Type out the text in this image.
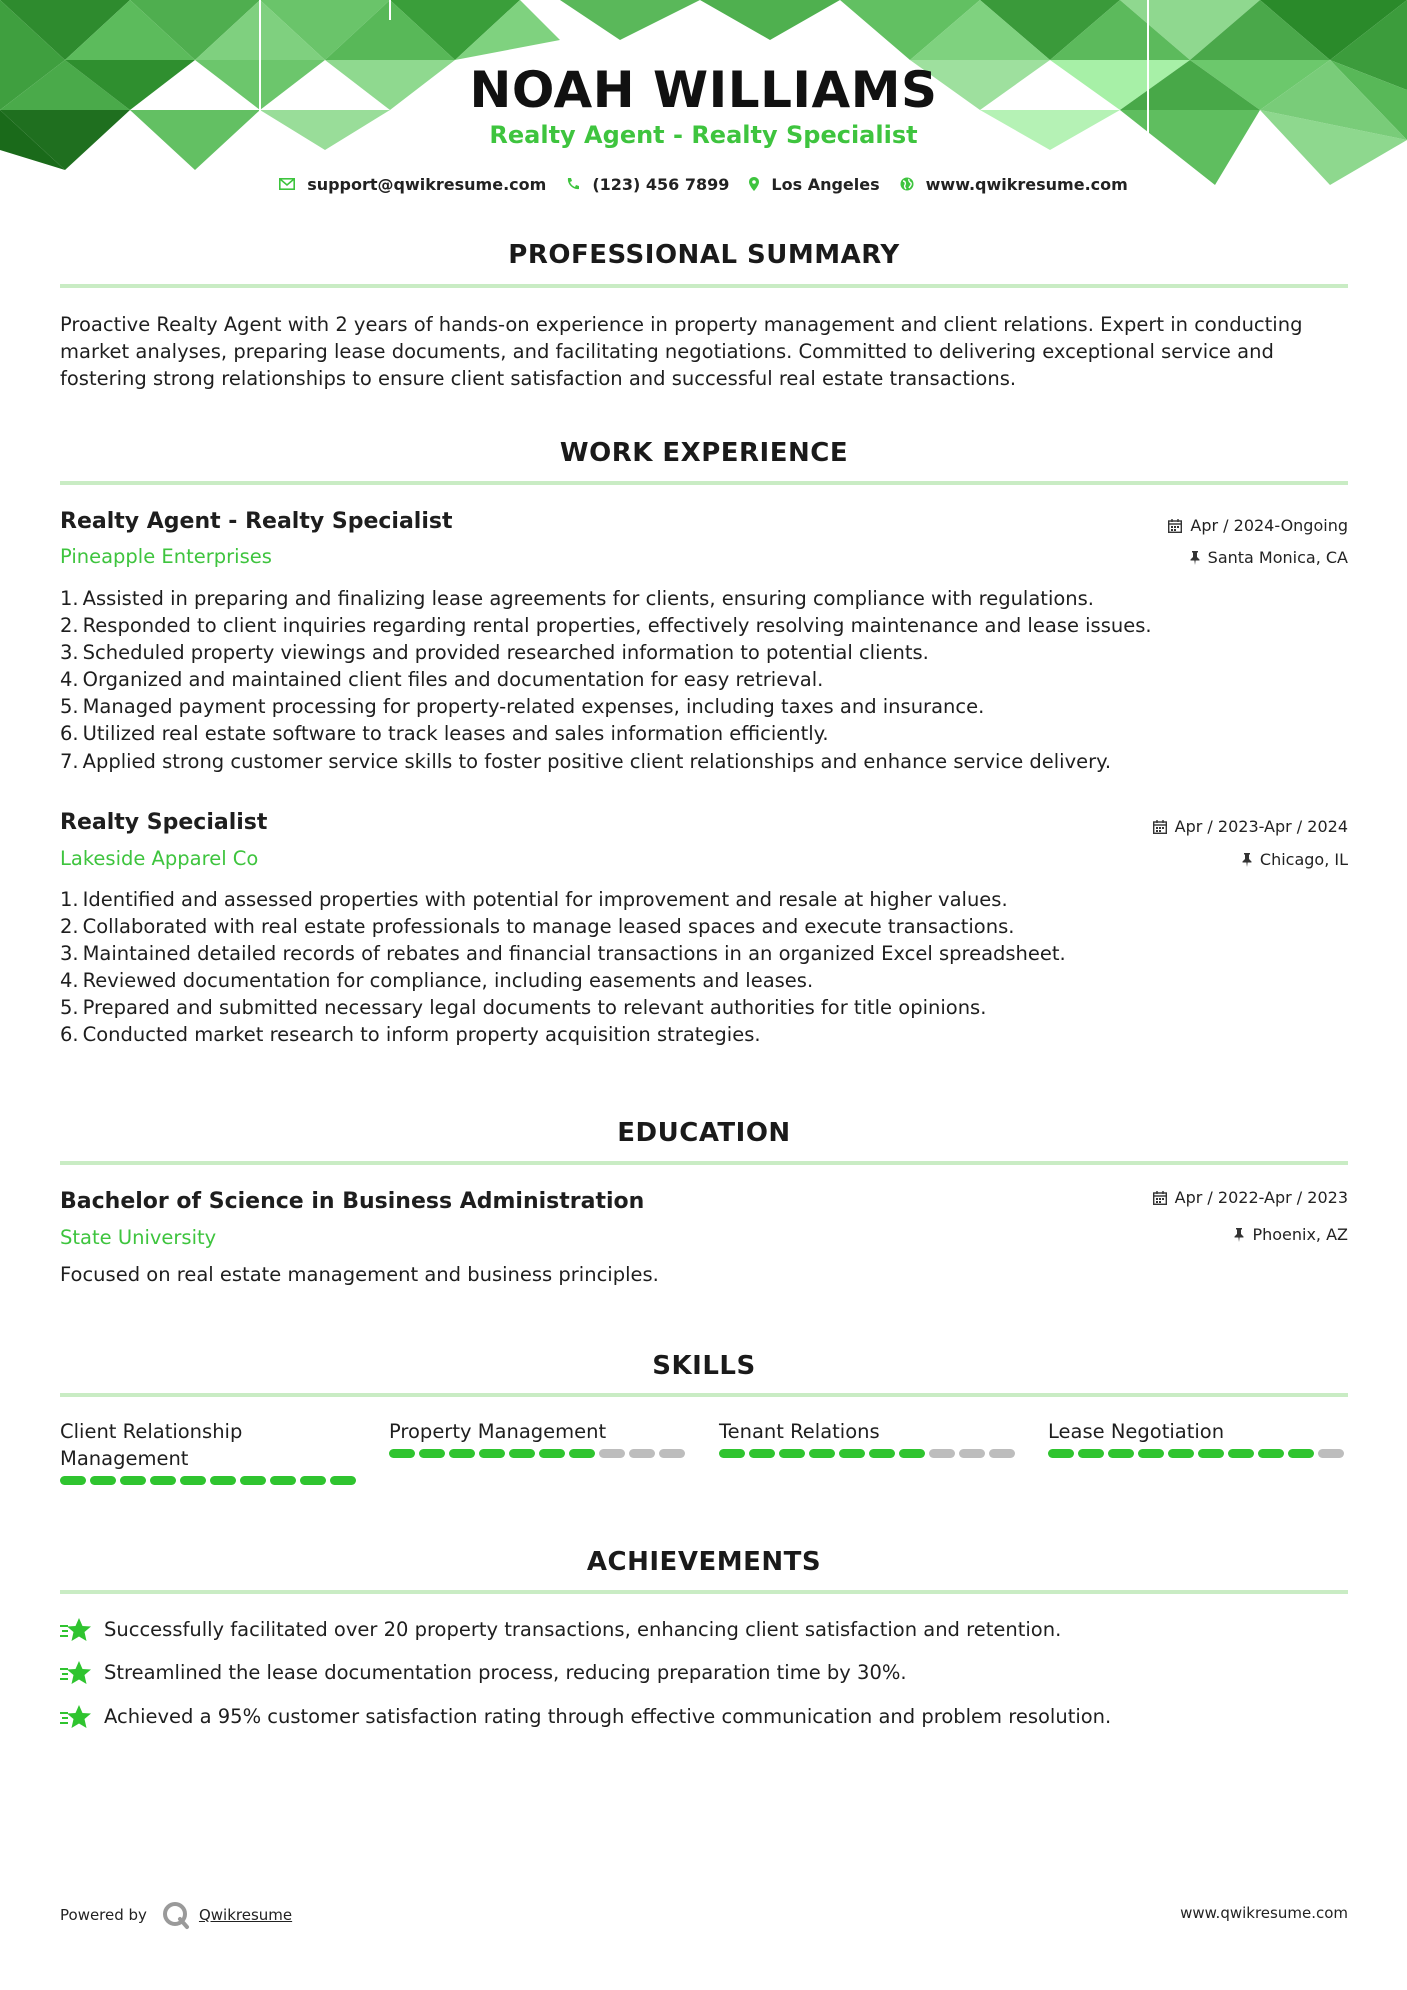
NOAH WILLIAMS
Realty Agent - Realty Specialist
support@qwikresume.com	(123) 456 7899	Los Angeles	www.qwikresume.com
PROFESSIONAL SUMMARY
Proactive Realty Agent with 2 years of hands-on experience in property management and client relations. Expert in conducting market analyses, preparing lease documents, and facilitating negotiations. Committed to delivering exceptional service and fostering strong relationships to ensure client satisfaction and successful real estate transactions.
WORK EXPERIENCE
Realty Agent - Realty Specialist
Pineapple Enterprises
Apr / 2024-Ongoing
Santa Monica, CA
1. Assisted in preparing and finalizing lease agreements for clients, ensuring compliance with regulations.
2. Responded to client inquiries regarding rental properties, effectively resolving maintenance and lease issues.
3. Scheduled property viewings and provided researched information to potential clients.
4. Organized and maintained client files and documentation for easy retrieval.
5. Managed payment processing for property-related expenses, including taxes and insurance.
6. Utilized real estate software to track leases and sales information efficiently.
7. Applied strong customer service skills to foster positive client relationships and enhance service delivery.
Realty Specialist
Lakeside Apparel Co
Apr / 2023-Apr / 2024
Chicago, IL
1. Identified and assessed properties with potential for improvement and resale at higher values.
2. Collaborated with real estate professionals to manage leased spaces and execute transactions.
3. Maintained detailed records of rebates and financial transactions in an organized Excel spreadsheet.
4. Reviewed documentation for compliance, including easements and leases.
5. Prepared and submitted necessary legal documents to relevant authorities for title opinions.
6. Conducted market research to inform property acquisition strategies.
EDUCATION
Bachelor of Science in Business Administration
State University
Apr / 2022-Apr / 2023
Phoenix, AZ
Focused on real estate management and business principles.
SKILLS
Client Relationship Management
Property Management	Tenant Relations	Lease Negotiation
ACHIEVEMENTS
Successfully facilitated over 20 property transactions, enhancing client satisfaction and retention.
Streamlined the lease documentation process, reducing preparation time by 30%.
Achieved a 95% customer satisfaction rating through effective communication and problem resolution.
Powered by	Qwikresume	www.qwikresume.com
